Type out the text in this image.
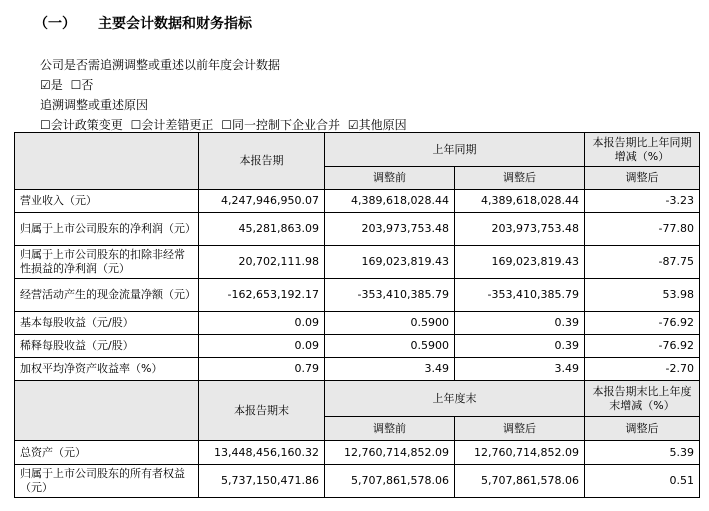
（一） 主要会计数据和财务指标
公司是否需追溯调整或重述以前年度会计数据
☑是 ☐否
追溯调整或重述原因
☐会计政策变更 ☐会计差错更正 ☐同一控制下企业合并 ☑其他原因
	本报告期	上年同期		本报告期比上年同期增减（%）
		调整前	调整后	调整后
营业收入（元）	4,247,946,950.07	4,389,618,028.44	4,389,618,028.44	-3.23
归属于上市公司股东的净利润（元）	45,281,863.09	203,973,753.48	203,973,753.48	-77.80
归属于上市公司股东的扣除非经常性损益的净利润（元）	20,702,111.98	169,023,819.43	169,023,819.43	-87.75
经营活动产生的现金流量净额（元）	-162,653,192.17	-353,410,385.79	-353,410,385.79	53.98
基本每股收益（元/股）	0.09	0.5900	0.39	-76.92
稀释每股收益（元/股）	0.09	0.5900	0.39	-76.92
加权平均净资产收益率（%）	0.79	3.49	3.49	-2.70
	本报告期末	上年度末		本报告期末比上年度末增减（%）
		调整前	调整后	调整后
总资产（元）	13,448,456,160.32	12,760,714,852.09	12,760,714,852.09	5.39
归属于上市公司股东的所有者权益（元）	5,737,150,471.86	5,707,861,578.06	5,707,861,578.06	0.51
